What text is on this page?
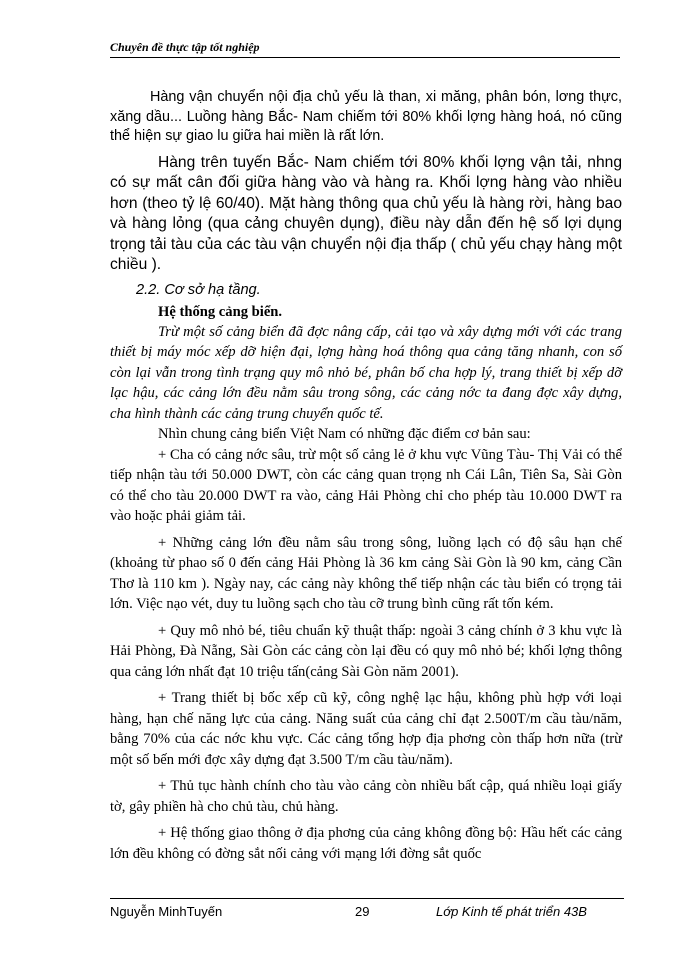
Chuyên đề thực tập tốt nghiệp

Hàng vận chuyển nội địa chủ yếu là than, xi măng, phân bón, lơng thực, xăng dầu... Luồng hàng Bắc- Nam chiếm tới 80% khối lợng hàng hoá, nó cũng thể hiện sự giao lu giữa hai miền là rất lớn.

Hàng trên tuyến Bắc- Nam chiếm tới 80% khối lợng vận tải, nhng có sự mất cân đối giữa hàng vào và hàng ra. Khối lợng hàng vào nhiều hơn (theo tỷ lệ 60/40). Mặt hàng thông qua chủ yếu là hàng rời, hàng bao và hàng lỏng (qua cảng chuyên dụng), điều này dẫn đến hệ số lợi dụng trọng tải tàu của các tàu vận chuyển nội địa thấp ( chủ yếu chạy hàng một chiều ).

2.2. Cơ sở hạ tầng.

Hệ thống cảng biển.

Trừ một số cảng biển đã đợc nâng cấp, cải tạo và xây dựng mới với các trang thiết bị máy móc xếp dỡ hiện đại, lợng hàng hoá thông qua cảng tăng nhanh, con số còn lại vẫn trong tình trạng quy mô nhỏ bé, phân bố cha hợp lý, trang thiết bị xếp dỡ lạc hậu, các cảng lớn đều nằm sâu trong sông, các cảng nớc ta đang đợc xây dựng, cha hình thành các cảng trung chuyển quốc tế.

Nhìn chung cảng biển Việt Nam có những đặc điểm cơ bản sau:

+ Cha có cảng nớc sâu, trừ một số cảng lẻ ở khu vực Vũng Tàu- Thị Vải có thể tiếp nhận tàu tới 50.000 DWT, còn các cảng quan trọng nh Cái Lân, Tiên Sa, Sài Gòn có thể cho tàu 20.000 DWT ra vào, cảng Hải Phòng chỉ cho phép tàu 10.000 DWT ra vào hoặc phải giảm tải.

+ Những cảng lớn đều nằm sâu trong sông, luồng lạch có độ sâu hạn chế (khoảng từ phao số 0 đến cảng Hải Phòng là 36 km cảng Sài Gòn là 90 km, cảng Cần Thơ là 110 km ). Ngày nay, các cảng này không thể tiếp nhận các tàu biển có trọng tải lớn. Việc nạo vét, duy tu luồng sạch cho tàu cỡ trung bình cũng rất tốn kém.

+ Quy mô nhỏ bé, tiêu chuẩn kỹ thuật thấp: ngoài 3 cảng chính ở 3 khu vực là Hải Phòng, Đà Nẵng, Sài Gòn các cảng còn lại đều có quy mô nhỏ bé; khối lợng thông qua cảng lớn nhất đạt 10 triệu tấn(cảng Sài Gòn năm 2001).

+ Trang thiết bị bốc xếp cũ kỹ, công nghệ lạc hậu, không phù hợp với loại hàng, hạn chế năng lực của cảng. Năng suất của cảng chỉ đạt 2.500T/m cầu tàu/năm, bằng 70% của các nớc khu vực. Các cảng tổng hợp địa phơng còn thấp hơn nữa (trừ một số bến mới đợc xây dựng đạt 3.500 T/m cầu tàu/năm).

+ Thủ tục hành chính cho tàu vào cảng còn nhiều bất cập, quá nhiều loại giấy tờ, gây phiền hà cho chủ tàu, chủ hàng.

+ Hệ thống giao thông ở địa phơng của cảng không đồng bộ: Hầu hết các cảng lớn đều không có đờng sắt nối cảng với mạng lới đờng sắt quốc

Nguyễn MinhTuyến	29	Lớp Kinh tế phát triển 43B
